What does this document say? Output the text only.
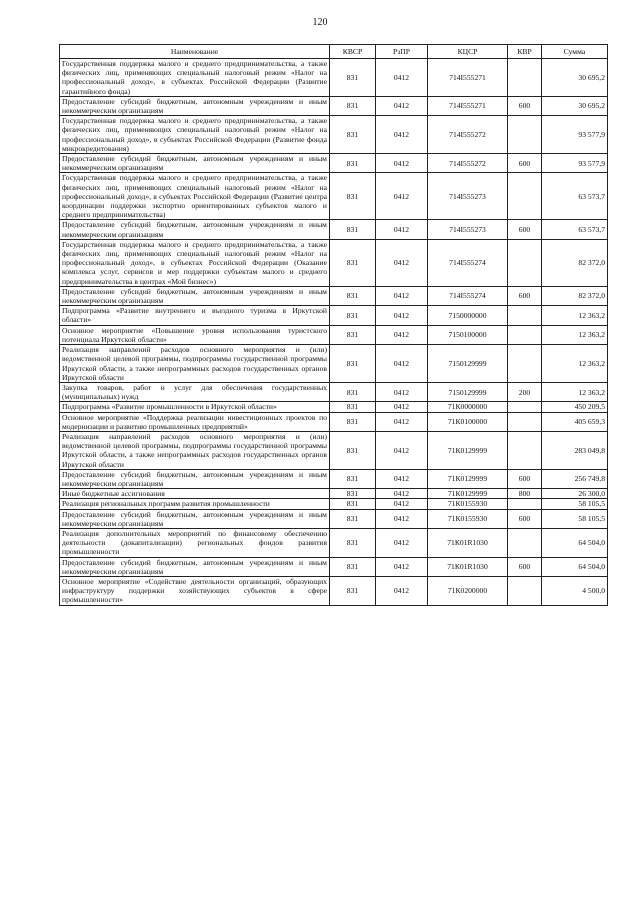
120
Наименование	КВСР	РзПР	КЦСР	КВР	Сумма
Государственная поддержка малого и среднего предпринимательства, а также физических лиц, применяющих специальный налоговый режим «Налог на профессиональный доход», в субъектах Российской Федерации (Развитие гарантийного фонда)	831	0412	714I555271		30 695,2
Предоставление субсидий бюджетным, автономным учреждениям и иным некоммерческим организациям	831	0412	714I555271	600	30 695,2
Государственная поддержка малого и среднего предпринимательства, а также физических лиц, применяющих специальный налоговый режим «Налог на профессиональный доход», в субъектах Российской Федерации (Развитие фонда микрокредитования)	831	0412	714I555272		93 577,9
Предоставление субсидий бюджетным, автономным учреждениям и иным некоммерческим организациям	831	0412	714I555272	600	93 577,9
Государственная поддержка малого и среднего предпринимательства, а также физических лиц, применяющих специальный налоговый режим «Налог на профессиональный доход», в субъектах Российской Федерации (Развитие центра координации поддержки экспортно ориентированных субъектов малого и среднего предпринимательства)	831	0412	714I555273		63 573,7
Предоставление субсидий бюджетным, автономным учреждениям и иным некоммерческим организациям	831	0412	714I555273	600	63 573,7
Государственная поддержка малого и среднего предпринимательства, а также физических лиц, применяющих специальный налоговый режим «Налог на профессиональный доход», в субъектах Российской Федерации (Оказание комплекса услуг, сервисов и мер поддержки субъектам малого и среднего предпринимательства в центрах «Мой бизнес»)	831	0412	714I555274		82 372,0
Предоставление субсидий бюджетным, автономным учреждениям и иным некоммерческим организациям	831	0412	714I555274	600	82 372,0
Подпрограмма «Развитие внутреннего и въездного туризма в Иркутской области»	831	0412	7150000000		12 363,2
Основное мероприятие «Повышение уровня использования туристского потенциала Иркутской области»	831	0412	7150100000		12 363,2
Реализация направлений расходов основного мероприятия и (или) ведомственной целевой программы, подпрограммы государственной программы Иркутской области, а также непрограммных расходов государственных органов Иркутской области	831	0412	7150129999		12 363,2
Закупка товаров, работ и услуг для обеспечения государственных (муниципальных) нужд	831	0412	7150129999	200	12 363,2
Подпрограмма «Развитие промышленности в Иркутской области»	831	0412	71К0000000		450 209,5
Основное мероприятие «Поддержка реализации инвестиционных проектов по модернизации и развитию промышленных предприятий»	831	0412	71К0100000		405 659,3
Реализация направлений расходов основного мероприятия и (или) ведомственной целевой программы, подпрограммы государственной программы Иркутской области, а также непрограммных расходов государственных органов Иркутской области	831	0412	71К0129999		283 049,8
Предоставление субсидий бюджетным, автономным учреждениям и иным некоммерческим организациям	831	0412	71К0129999	600	256 749,8
Иные бюджетные ассигнования	831	0412	71К0129999	800	26 300,0
Реализация региональных программ развития промышленности	831	0412	71К0155930		58 105,5
Предоставление субсидий бюджетным, автономным учреждениям и иным некоммерческим организациям	831	0412	71К0155930	600	58 105,5
Реализация дополнительных мероприятий по финансовому обеспечению деятельности (докапитализации) региональных фондов развития промышленности	831	0412	71К01R1030		64 504,0
Предоставление субсидий бюджетным, автономным учреждениям и иным некоммерческим организациям	831	0412	71К01R1030	600	64 504,0
Основное мероприятие «Содействие деятельности организаций, образующих инфраструктуру поддержки хозяйствующих субъектов в сфере промышленности»	831	0412	71К0200000		4 500,0
